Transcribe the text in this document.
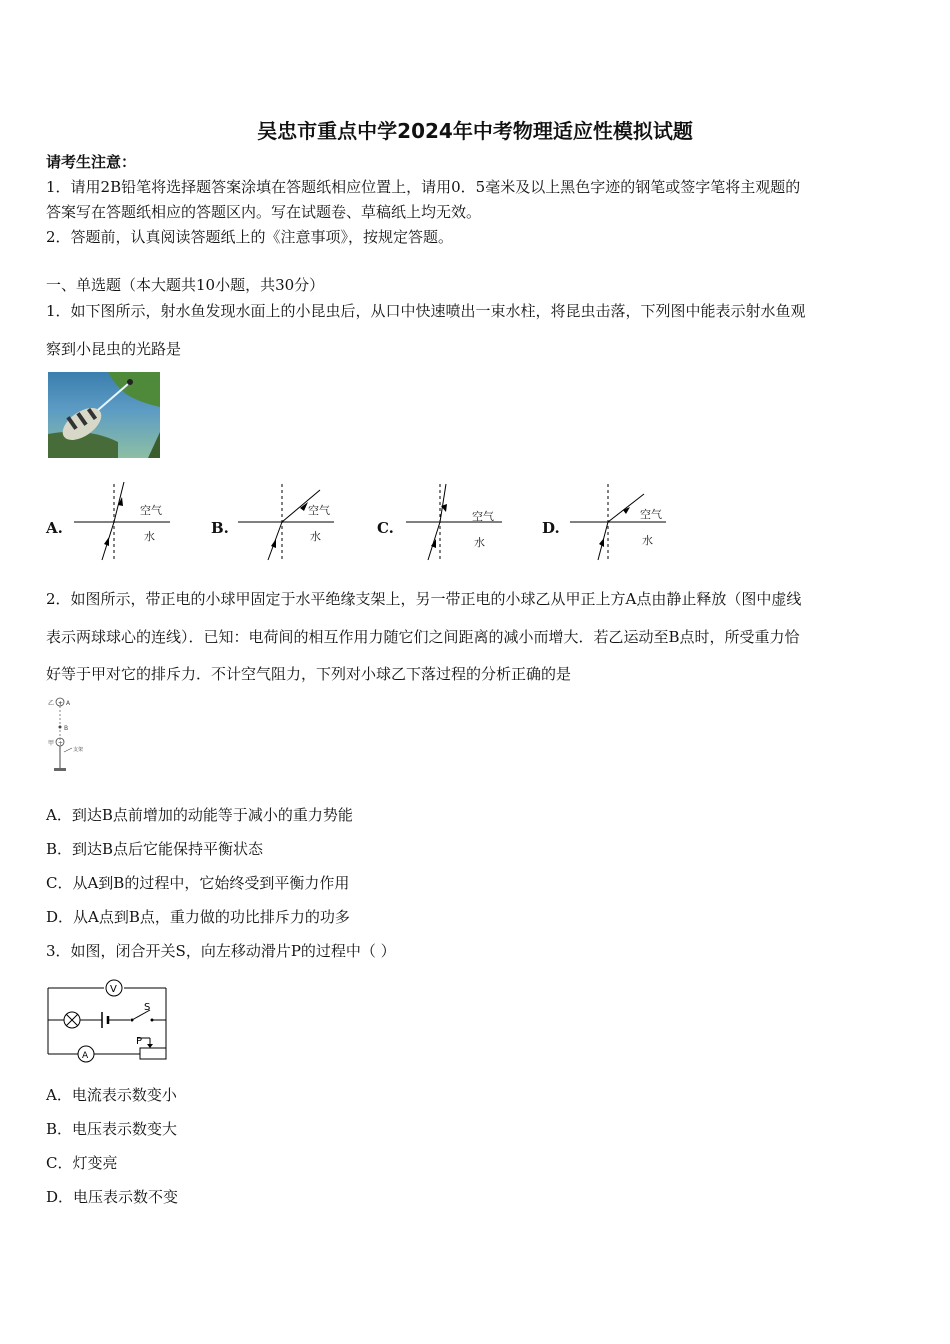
吴忠市重点中学2024年中考物理适应性模拟试题
请考生注意：
1．请用2B铅笔将选择题答案涂填在答题纸相应位置上，请用0．5毫米及以上黑色字迹的钢笔或签字笔将主观题的
答案写在答题纸相应的答题区内。写在试题卷、草稿纸上均无效。
2．答题前，认真阅读答题纸上的《注意事项》，按规定答题。
一、单选题（本大题共10小题，共30分）
1．如下图所示，射水鱼发现水面上的小昆虫后，从口中快速喷出一束水柱，将昆虫击落，下列图中能表示射水鱼观
察到小昆虫的光路是
A.
空气
水	B.
空气
水	C.
空气
水
D.
空气
水
2．如图所示，带正电的小球甲固定于水平绝缘支架上，另一带正电的小球乙从甲正上方A点由静止释放（图中虚线
表示两球球心的连线）．已知：电荷间的相互作用力随它们之间距离的减小而增大．若乙运动至B点时，所受重力恰
好等于甲对它的排斥力．不计空气阻力，下列对小球乙下落过程的分析正确的是
+
乙 A
B
+
甲
支架
A．到达B点前增加的动能等于减小的重力势能
B．到达B点后它能保持平衡状态
C．从A到B的过程中，它始终受到平衡力作用
D．从A点到B点，重力做的功比排斥力的功多
3．如图，闭合开关S，向左移动滑片P的过程中（ ）
V
S
A
P
A．电流表示数变小
B．电压表示数变大
C．灯变亮
D．电压表示数不变
